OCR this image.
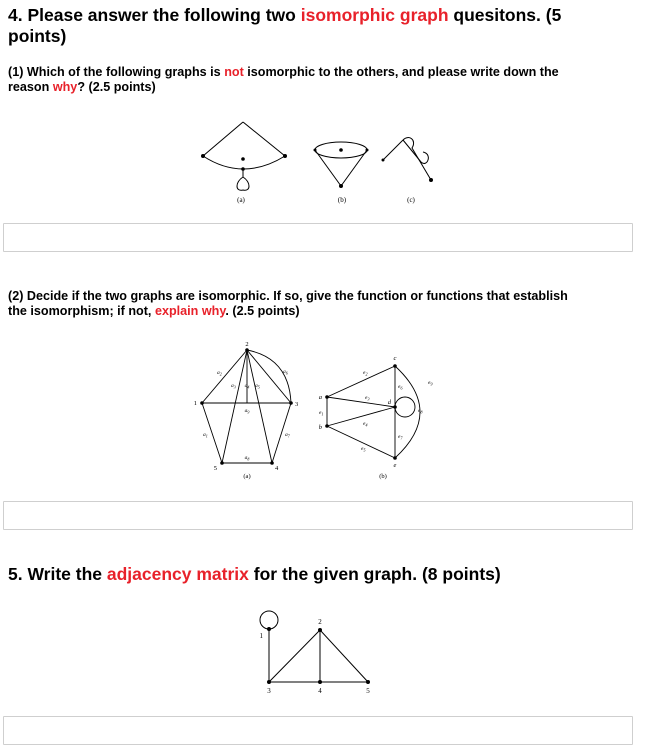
4. Please answer the following two isomorphic graph quesitons. (5
points)

(1) Which of the following graphs is not isomorphic to the others, and please write down the
reason why? (2.5 points)

(a)	(b)	(c)

(2) Decide if the two graphs are isomorphic. If so, give the function or functions that establish
the isomorphism; if not, explain why. (2.5 points)

1
2
3
4
5
$a_1$
$a_2$
$a_3$ $a_4$ $a_5$
$a_6$
$a_7$
$a_8$
$a_9$
(a)
a
b
c
d
e
$e_1$
$e_2$
$e_3$
$e_4$
$e_5$
$e_6$
$e_7$
$e_8$
$e_9$
(b)
5. Write the adjacency matrix for the given graph. (8 points)
1
2
3	4	5
